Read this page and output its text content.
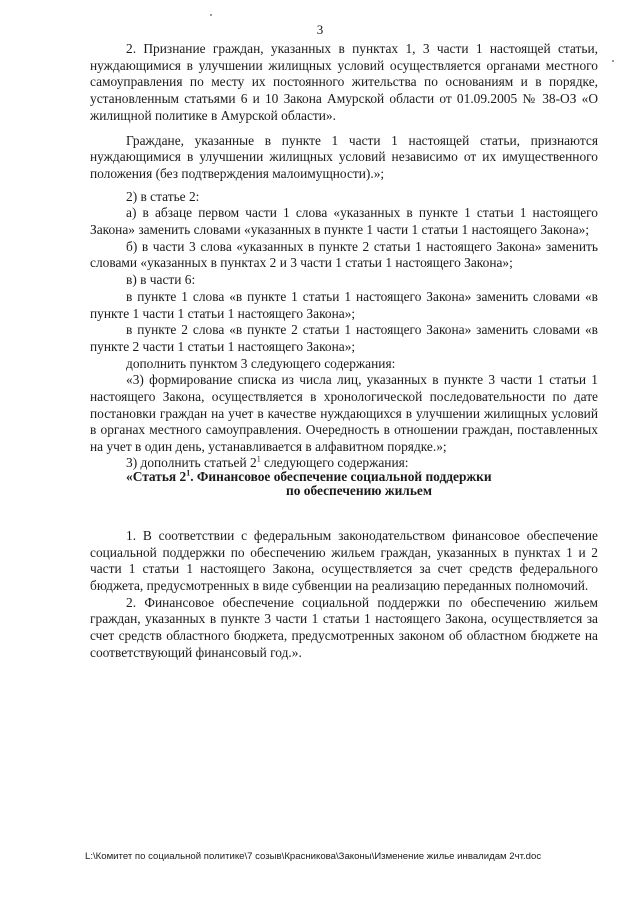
3

2. Признание граждан, указанных в пунктах 1, 3 части 1 настоящей статьи, нуждающимися в улучшении жилищных условий осуществляется органами местного самоуправления по месту их постоянного жительства по основаниям и в порядке, установленным статьями 6 и 10 Закона Амурской области от 01.09.2005 № 38-ОЗ «О жилищной политике в Амурской области».

Граждане, указанные в пункте 1 части 1 настоящей статьи, признаются нуждающимися в улучшении жилищных условий независимо от их имущественного положения (без подтверждения малоимущности).»;

2) в статье 2:

а) в абзаце первом части 1 слова «указанных в пункте 1 статьи 1 настоящего Закона» заменить словами «указанных в пункте 1 части 1 статьи 1 настоящего Закона»;

б) в части 3 слова «указанных в пункте 2 статьи 1 настоящего Закона» заменить словами «указанных в пунктах 2 и 3 части 1 статьи 1 настоящего Закона»;

в) в части 6:

в пункте 1 слова «в пункте 1 статьи 1 настоящего Закона» заменить словами «в пункте 1 части 1 статьи 1 настоящего Закона»;

в пункте 2 слова «в пункте 2 статьи 1 настоящего Закона» заменить словами «в пункте 2 части 1 статьи 1 настоящего Закона»;

дополнить пунктом 3 следующего содержания:

«3) формирование списка из числа лиц, указанных в пункте 3 части 1 статьи 1 настоящего Закона, осуществляется в хронологической последовательности по дате постановки граждан на учет в качестве нуждающихся в улучшении жилищных условий в органах местного самоуправления. Очередность в отношении граждан, поставленных на учет в один день, устанавливается в алфавитном порядке.»;

3) дополнить статьей $2^1$ следующего содержания:

«Статья $2^1$. Финансовое обеспечение социальной поддержки
по обеспечению жильем

1. В соответствии с федеральным законодательством финансовое обеспечение социальной поддержки по обеспечению жильем граждан, указанных в пунктах 1 и 2 части 1 статьи 1 настоящего Закона, осуществляется за счет средств федерального бюджета, предусмотренных в виде субвенции на реализацию переданных полномочий.

2. Финансовое обеспечение социальной поддержки по обеспечению жильем граждан, указанных в пункте 3 части 1 статьи 1 настоящего Закона, осуществляется за счет средств областного бюджета, предусмотренных законом об областном бюджете на соответствующий финансовый год.».

L:\Комитет по социальной политике\7 созыв\Красникова\Законы\Изменение жилье инвалидам 2чт.doc
